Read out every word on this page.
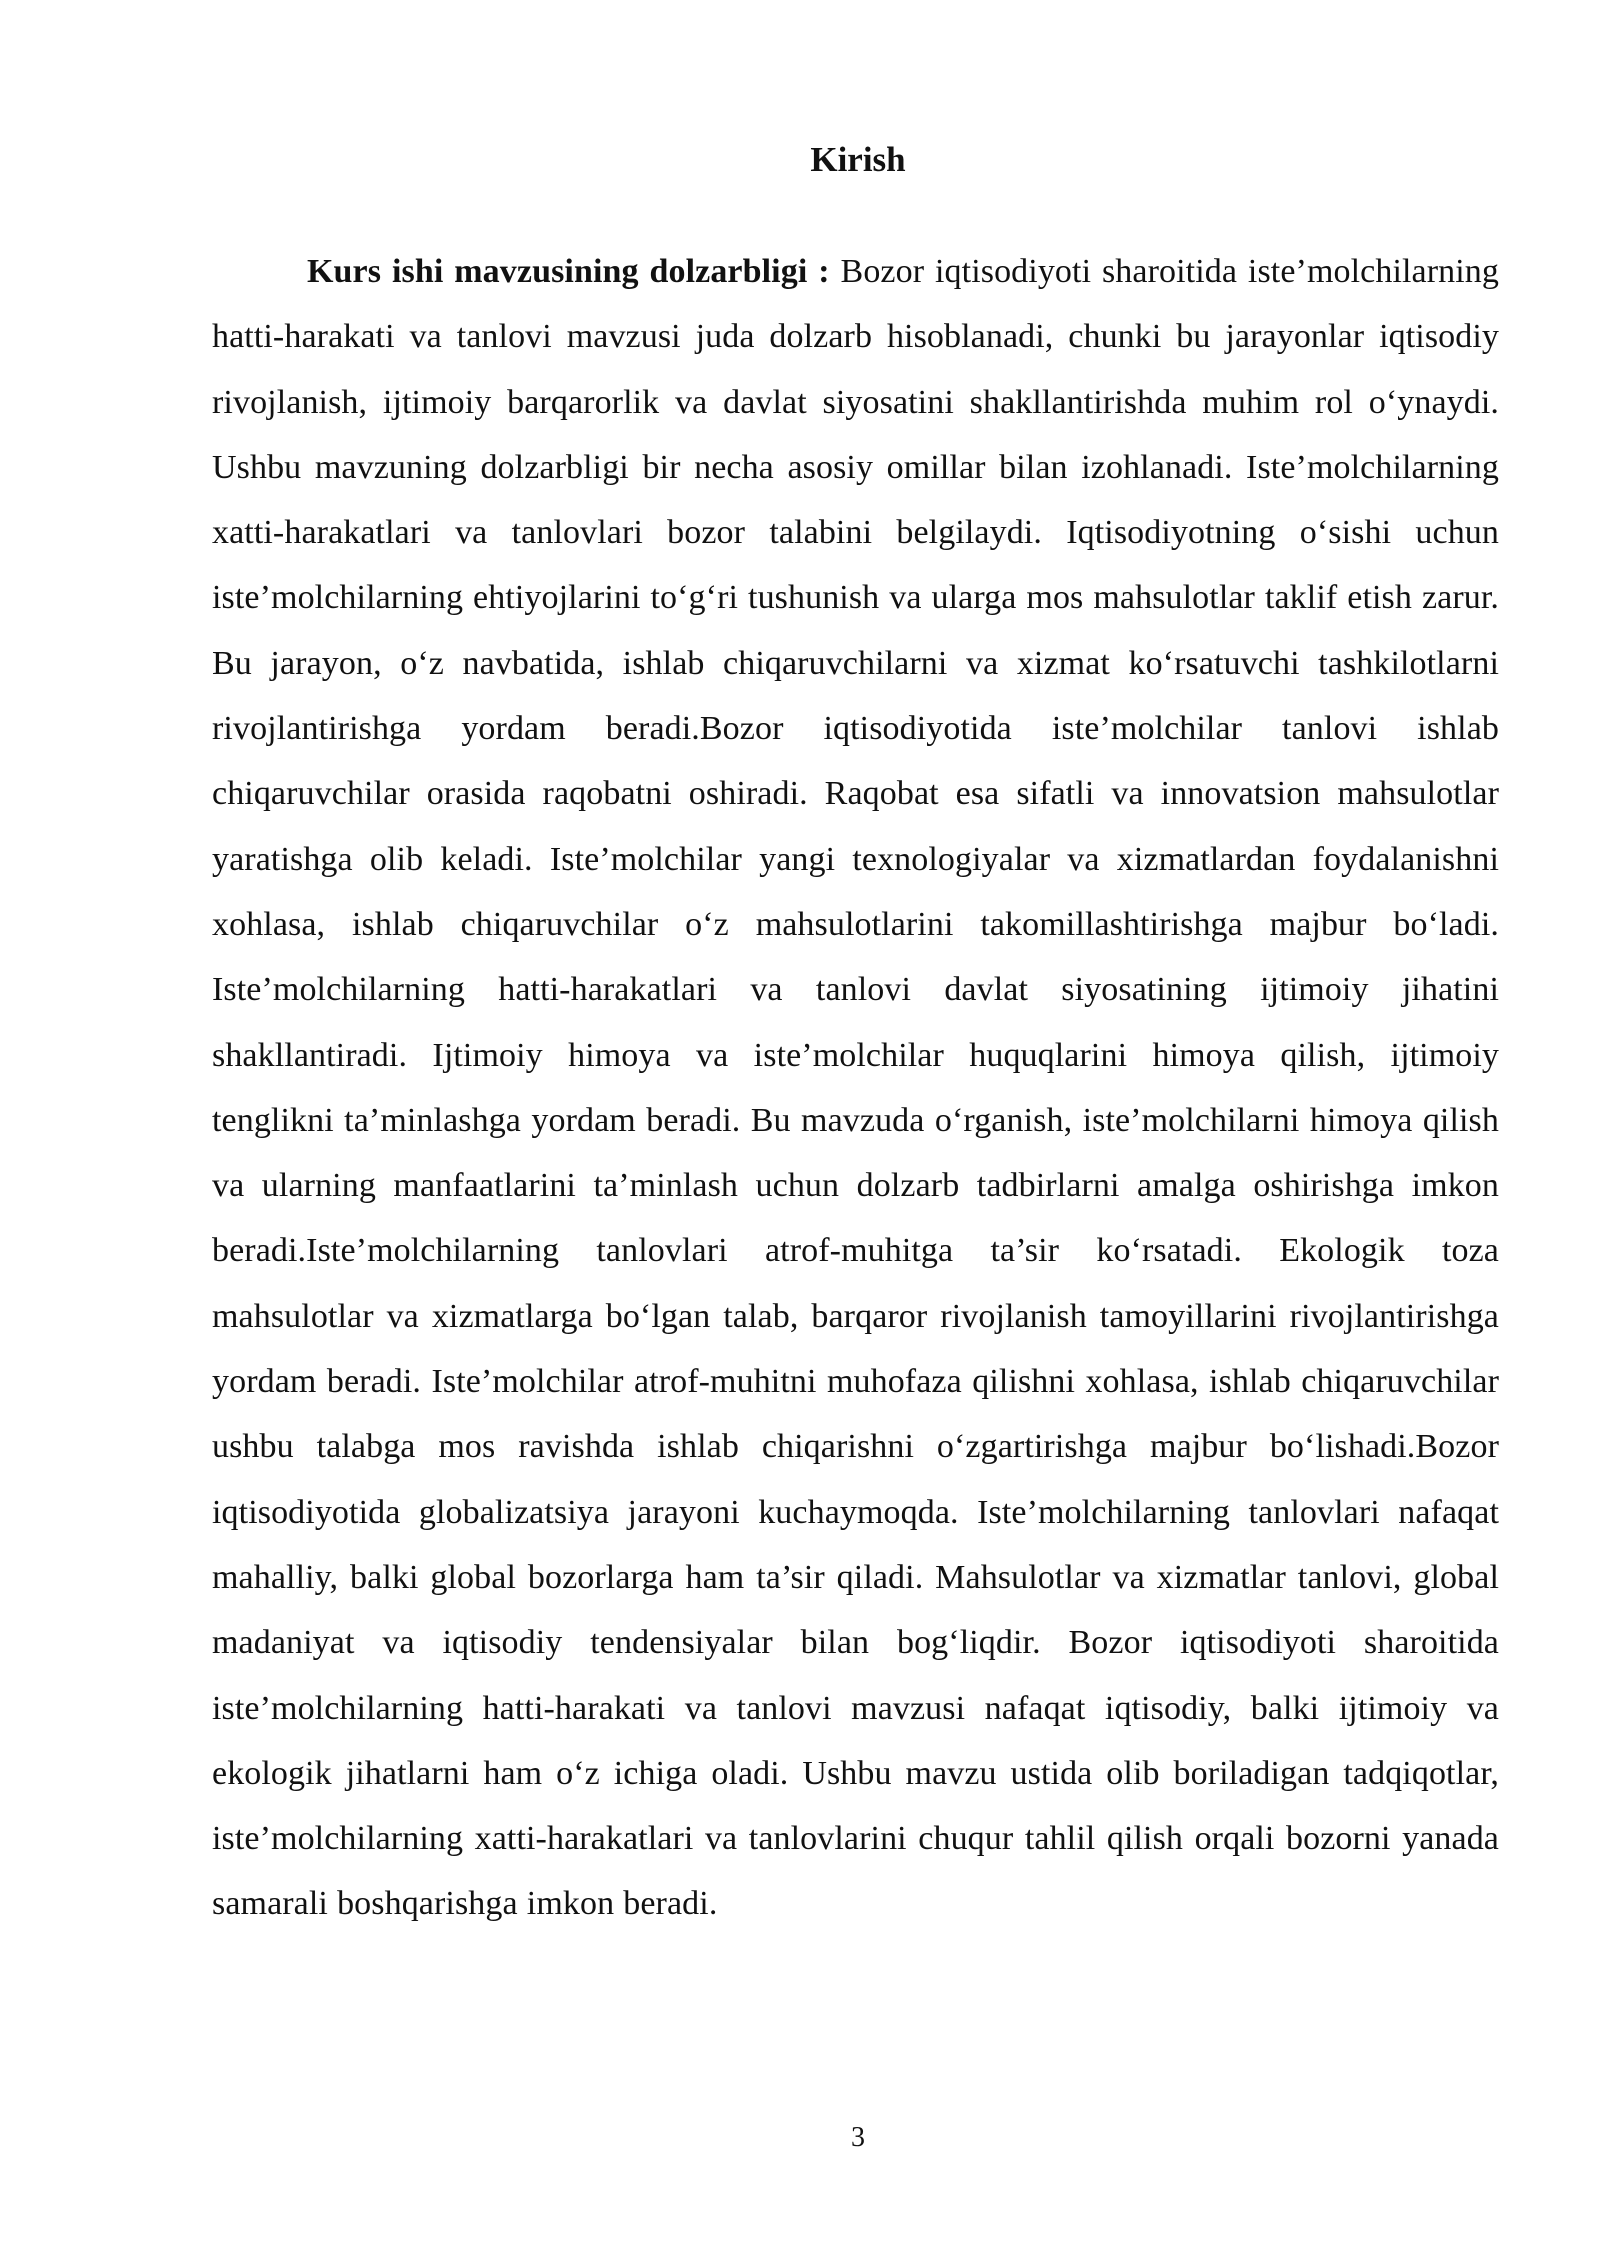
Kirish

Kurs ishi mavzusining dolzarbligi : Bozor iqtisodiyoti sharoitida iste’molchilarning hatti-harakati va tanlovi mavzusi juda dolzarb hisoblanadi, chunki bu jarayonlar iqtisodiy rivojlanish, ijtimoiy barqarorlik va davlat siyosatini shakllantirishda muhim rol o‘ynaydi. Ushbu mavzuning dolzarbligi bir necha asosiy omillar bilan izohlanadi. Iste’molchilarning xatti-harakatlari va tanlovlari bozor talabini belgilaydi. Iqtisodiyotning o‘sishi uchun iste’molchilarning ehtiyojlarini to‘g‘ri tushunish va ularga mos mahsulotlar taklif etish zarur. Bu jarayon, o‘z navbatida, ishlab chiqaruvchilarni va xizmat ko‘rsatuvchi tashkilotlarni rivojlantirishga yordam beradi.Bozor iqtisodiyotida iste’molchilar tanlovi ishlab chiqaruvchilar orasida raqobatni oshiradi. Raqobat esa sifatli va innovatsion mahsulotlar yaratishga olib keladi. Iste’molchilar yangi texnologiyalar va xizmatlardan foydalanishni xohlasa, ishlab chiqaruvchilar o‘z mahsulotlarini takomillashtirishga majbur bo‘ladi. Iste’molchilarning hatti-harakatlari va tanlovi davlat siyosatining ijtimoiy jihatini shakllantiradi. Ijtimoiy himoya va iste’molchilar huquqlarini himoya qilish, ijtimoiy tenglikni ta’minlashga yordam beradi. Bu mavzuda o‘rganish, iste’molchilarni himoya qilish va ularning manfaatlarini ta’minlash uchun dolzarb tadbirlarni amalga oshirishga imkon beradi.Iste’molchilarning tanlovlari atrof-muhitga ta’sir ko‘rsatadi. Ekologik toza mahsulotlar va xizmatlarga bo‘lgan talab, barqaror rivojlanish tamoyillarini rivojlantirishga yordam beradi. Iste’molchilar atrof-muhitni muhofaza qilishni xohlasa, ishlab chiqaruvchilar ushbu talabga mos ravishda ishlab chiqarishni o‘zgartirishga majbur bo‘lishadi.Bozor iqtisodiyotida globalizatsiya jarayoni kuchaymoqda. Iste’molchilarning tanlovlari nafaqat mahalliy, balki global bozorlarga ham ta’sir qiladi. Mahsulotlar va xizmatlar tanlovi, global madaniyat va iqtisodiy tendensiyalar bilan bog‘liqdir. Bozor iqtisodiyoti sharoitida iste’molchilarning hatti-harakati va tanlovi mavzusi nafaqat iqtisodiy, balki ijtimoiy va ekologik jihatlarni ham o‘z ichiga oladi. Ushbu mavzu ustida olib boriladigan tadqiqotlar, iste’molchilarning xatti-harakatlari va tanlovlarini chuqur tahlil qilish orqali bozorni yanada samarali boshqarishga imkon beradi.

3
